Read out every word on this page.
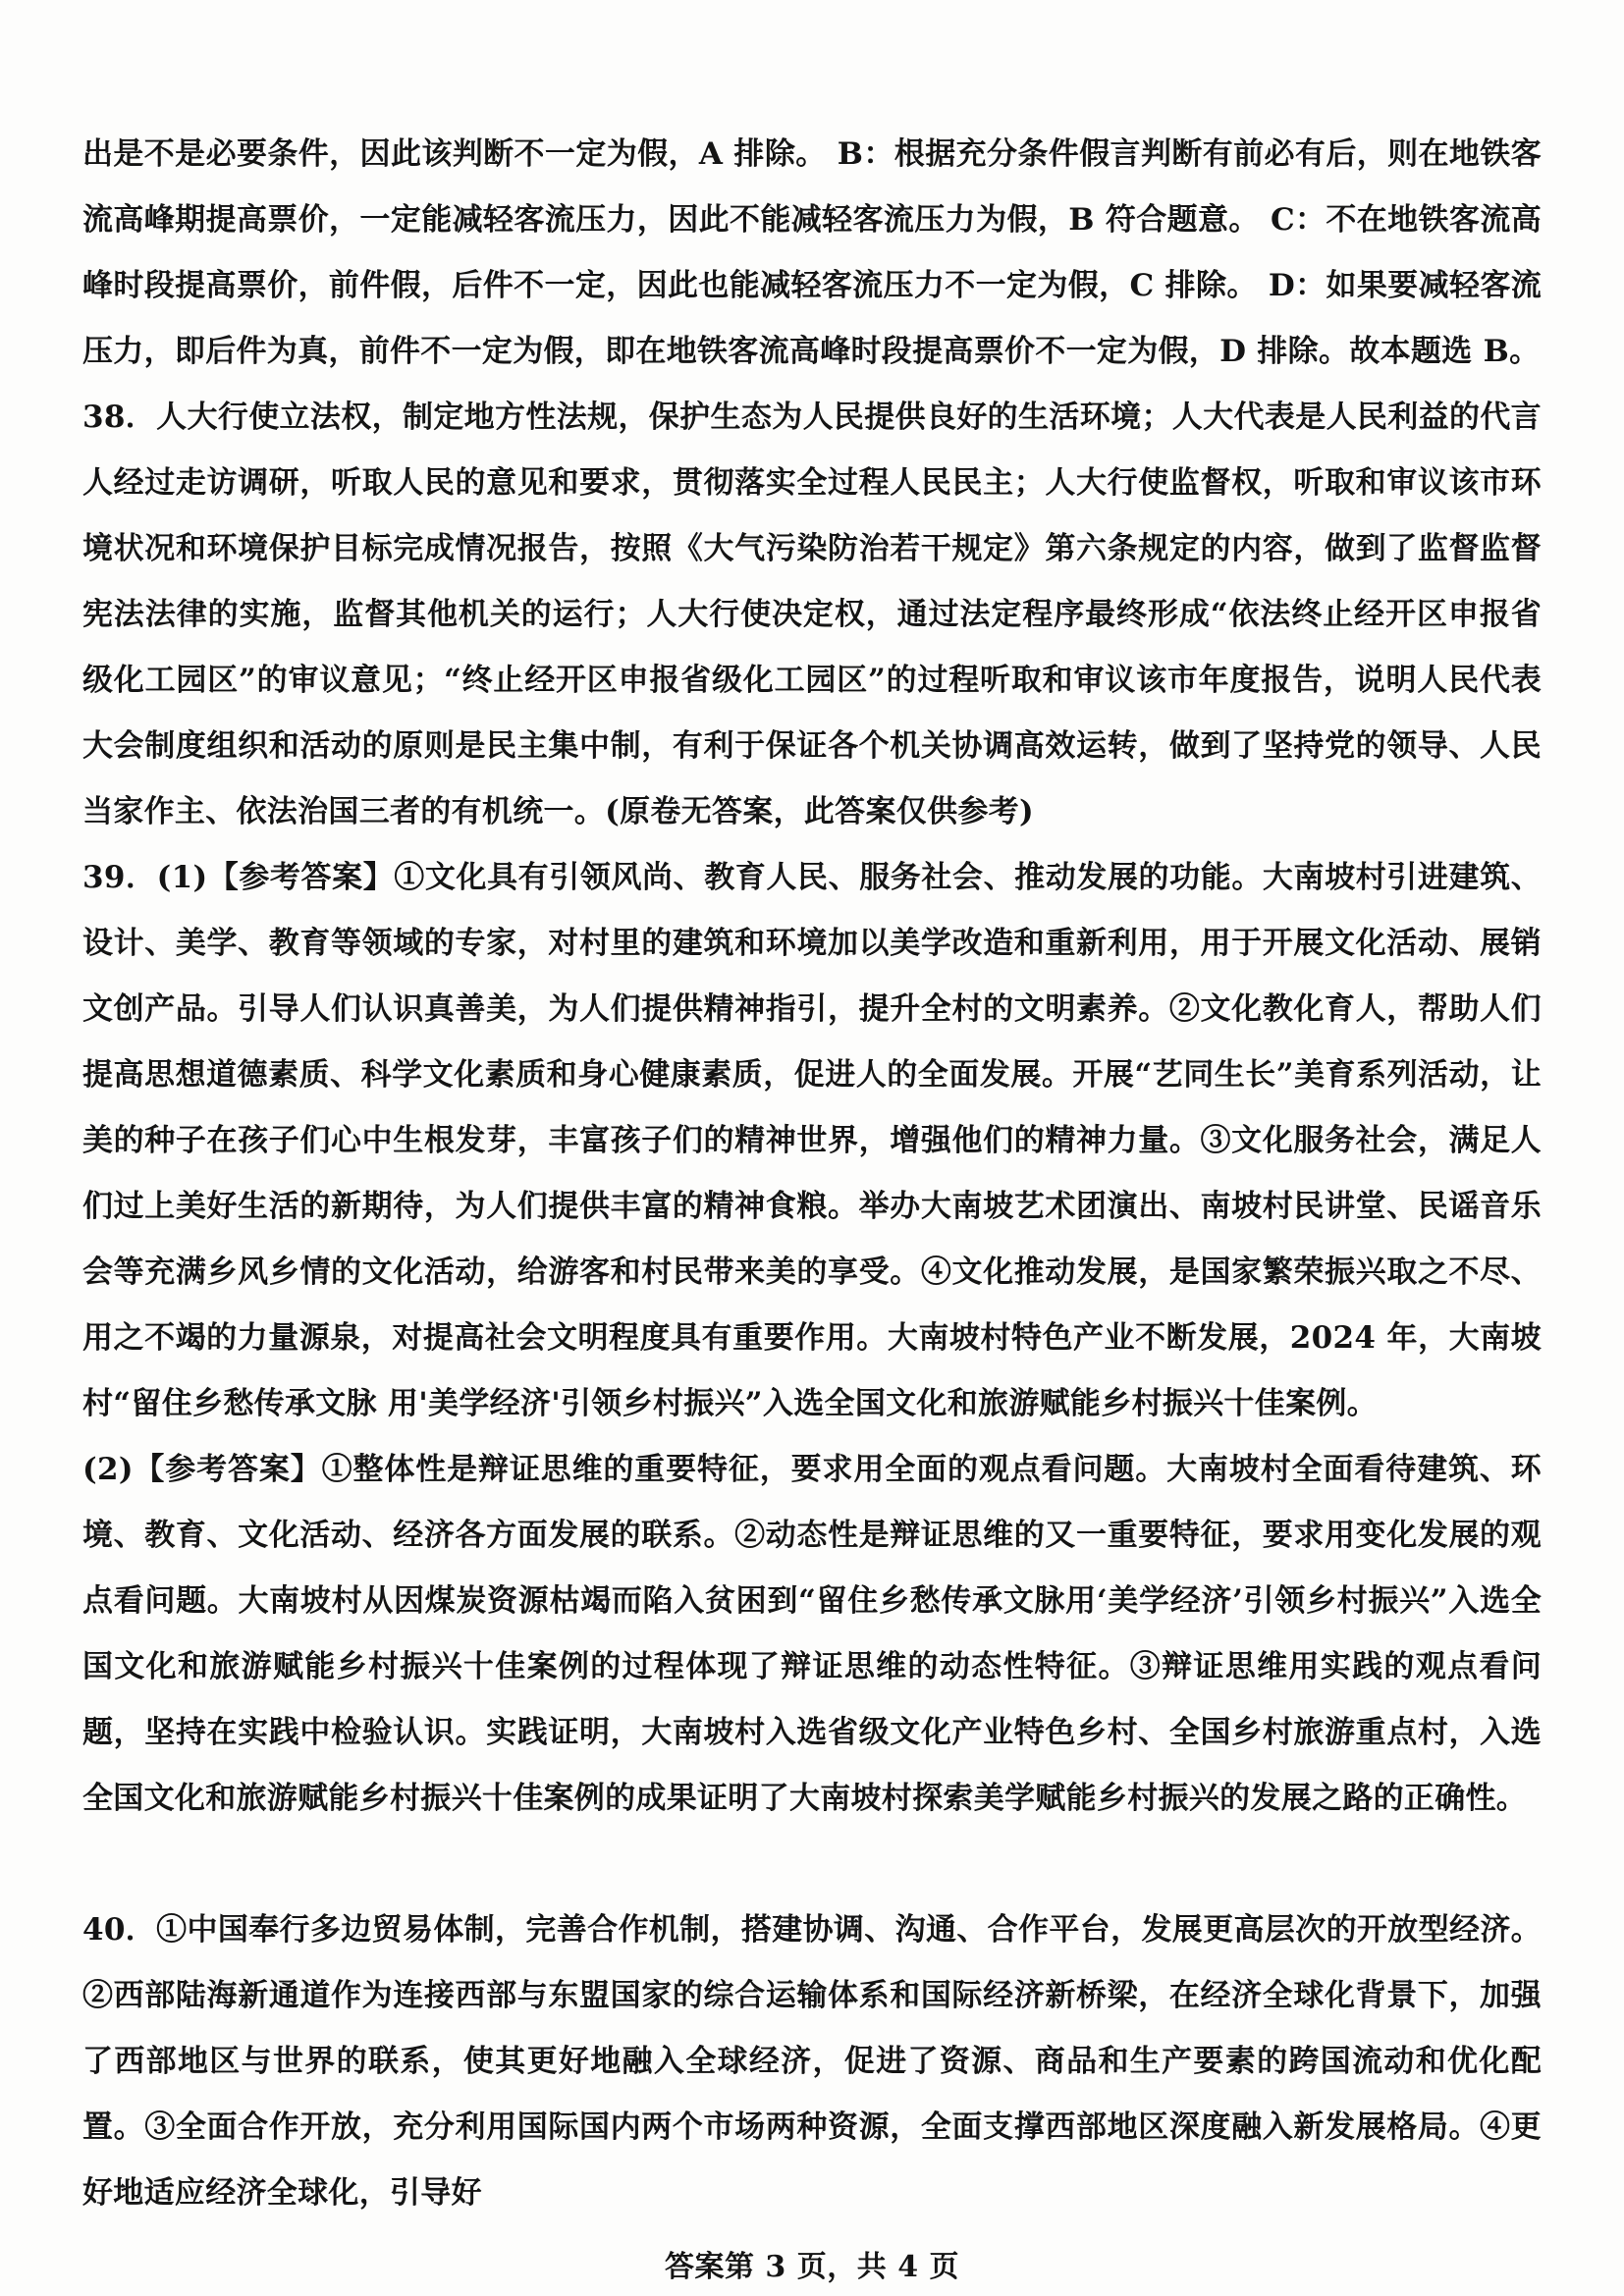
出是不是必要条件，因此该判断不一定为假，A 排除。 B：根据充分条件假言判断有前必有后，则在地铁客流高峰期提高票价，一定能减轻客流压力，因此不能减轻客流压力为假，B 符合题意。 C：不在地铁客流高峰时段提高票价，前件假，后件不一定，因此也能减轻客流压力不一定为假，C 排除。 D：如果要减轻客流压力，即后件为真，前件不一定为假，即在地铁客流高峰时段提高票价不一定为假，D 排除。故本题选 B。

38．人大行使立法权，制定地方性法规，保护生态为人民提供良好的生活环境；人大代表是人民利益的代言人经过走访调研，听取人民的意见和要求，贯彻落实全过程人民民主；人大行使监督权，听取和审议该市环境状况和环境保护目标完成情况报告，按照《大气污染防治若干规定》第六条规定的内容，做到了监督监督宪法法律的实施，监督其他机关的运行；人大行使决定权，通过法定程序最终形成“依法终止经开区申报省级化工园区”的审议意见；“终止经开区申报省级化工园区”的过程听取和审议该市年度报告，说明人民代表大会制度组织和活动的原则是民主集中制，有利于保证各个机关协调高效运转，做到了坚持党的领导、人民当家作主、依法治国三者的有机统一。(原卷无答案，此答案仅供参考)

39．(1)【参考答案】①文化具有引领风尚、教育人民、服务社会、推动发展的功能。大南坡村引进建筑、设计、美学、教育等领域的专家，对村里的建筑和环境加以美学改造和重新利用，用于开展文化活动、展销文创产品。引导人们认识真善美，为人们提供精神指引，提升全村的文明素养。②文化教化育人，帮助人们提高思想道德素质、科学文化素质和身心健康素质，促进人的全面发展。开展“艺同生长”美育系列活动，让美的种子在孩子们心中生根发芽，丰富孩子们的精神世界，增强他们的精神力量。③文化服务社会，满足人们过上美好生活的新期待，为人们提供丰富的精神食粮。举办大南坡艺术团演出、南坡村民讲堂、民谣音乐会等充满乡风乡情的文化活动，给游客和村民带来美的享受。④文化推动发展，是国家繁荣振兴取之不尽、用之不竭的力量源泉，对提高社会文明程度具有重要作用。大南坡村特色产业不断发展，2024 年，大南坡村“留住乡愁传承文脉 用'美学经济'引领乡村振兴”入选全国文化和旅游赋能乡村振兴十佳案例。

(2)【参考答案】①整体性是辩证思维的重要特征，要求用全面的观点看问题。大南坡村全面看待建筑、环境、教育、文化活动、经济各方面发展的联系。②动态性是辩证思维的又一重要特征，要求用变化发展的观点看问题。大南坡村从因煤炭资源枯竭而陷入贫困到“留住乡愁传承文脉用‘美学经济’引领乡村振兴”入选全国文化和旅游赋能乡村振兴十佳案例的过程体现了辩证思维的动态性特征。③辩证思维用实践的观点看问题，坚持在实践中检验认识。实践证明，大南坡村入选省级文化产业特色乡村、全国乡村旅游重点村，入选全国文化和旅游赋能乡村振兴十佳案例的成果证明了大南坡村探索美学赋能乡村振兴的发展之路的正确性。

40．①中国奉行多边贸易体制，完善合作机制，搭建协调、沟通、合作平台，发展更高层次的开放型经济。②西部陆海新通道作为连接西部与东盟国家的综合运输体系和国际经济新桥梁，在经济全球化背景下，加强了西部地区与世界的联系，使其更好地融入全球经济，促进了资源、商品和生产要素的跨国流动和优化配置。③全面合作开放，充分利用国际国内两个市场两种资源，全面支撑西部地区深度融入新发展格局。④更好地适应经济全球化，引导好

答案第 3 页，共 4 页
